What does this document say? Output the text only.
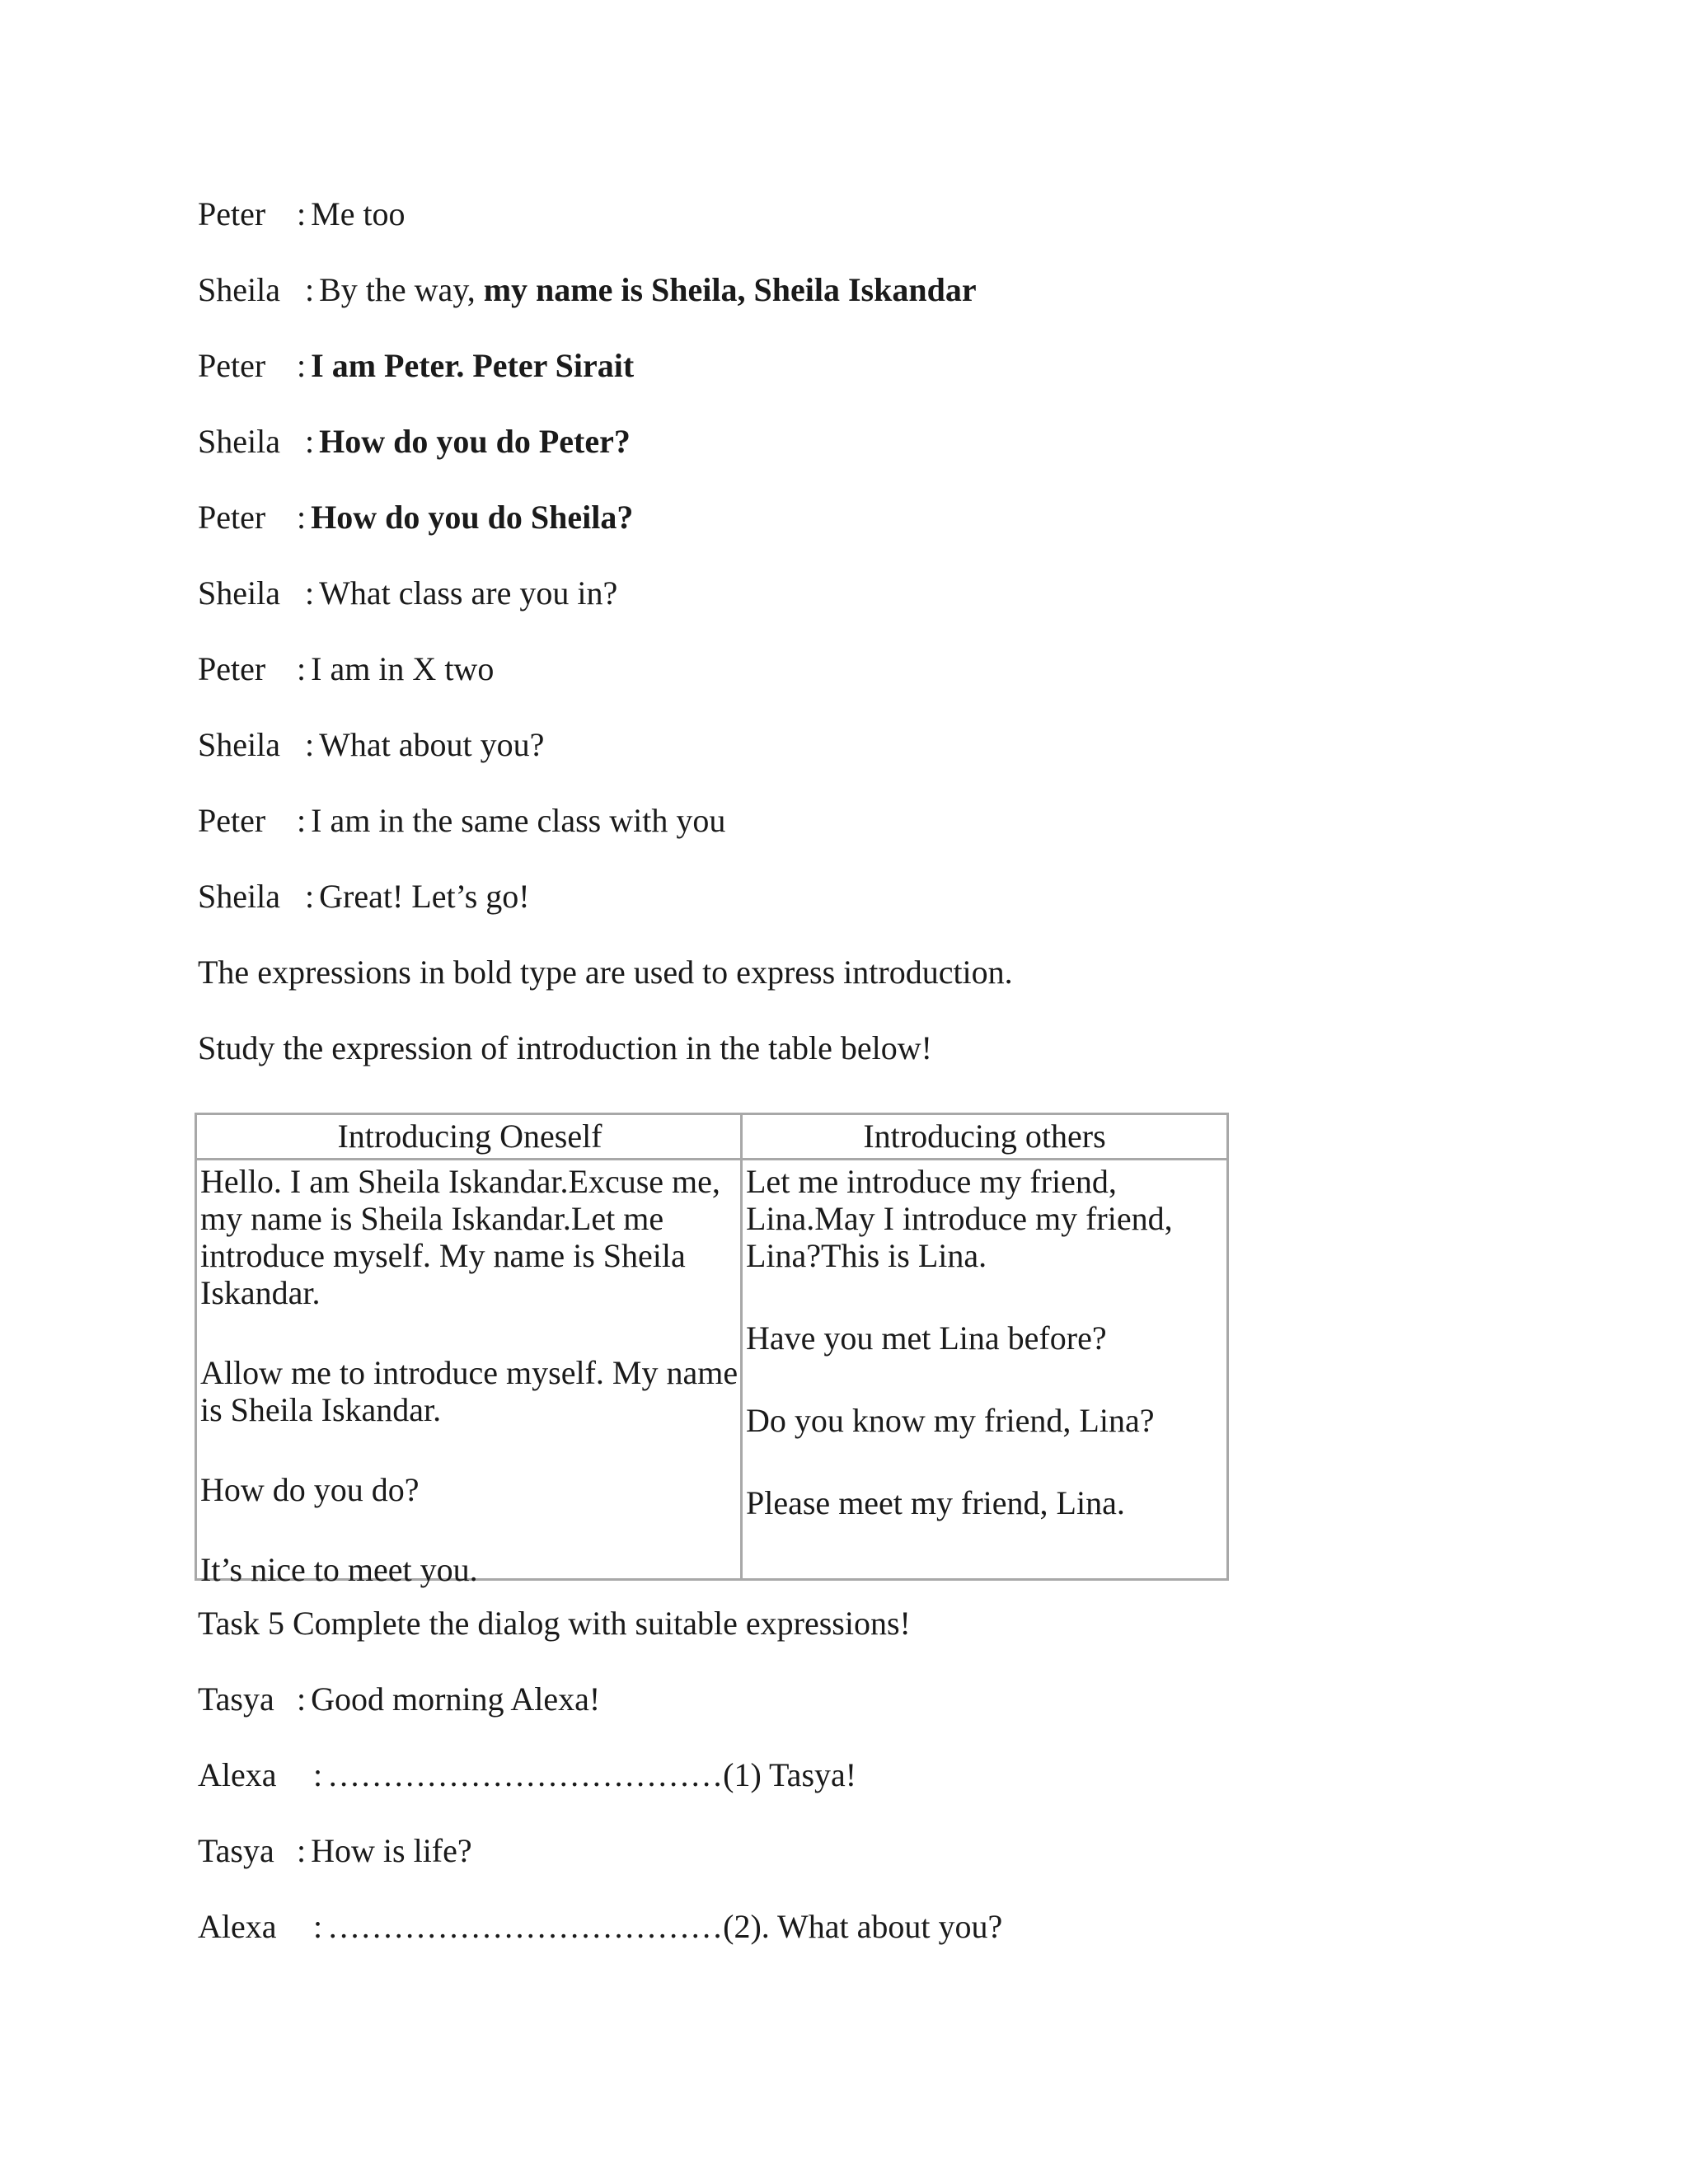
Peter : Me too
Sheila : By the way, my name is Sheila, Sheila Iskandar
Peter : I am Peter. Peter Sirait
Sheila : How do you do Peter?
Peter : How do you do Sheila?
Sheila : What class are you in?
Peter : I am in X two
Sheila : What about you?
Peter : I am in the same class with you
Sheila : Great! Let’s go!
The expressions in bold type are used to express introduction.
Study the expression of introduction in the table below!
Introducing Oneself	Introducing others

Hello. I am Sheila Iskandar.Excuse me,

my name is Sheila Iskandar.Let me

introduce myself. My name is Sheila

Iskandar.

Allow me to introduce myself. My name

is Sheila Iskandar.

How do you do?

It’s nice to meet you.

Let me introduce my friend,

Lina.May I introduce my friend,

Lina?This is Lina.

Have you met Lina before?

Do you know my friend, Lina?

Please meet my friend, Lina.

Task 5 Complete the dialog with suitable expressions!
Tasya : Good morning Alexa!
Alexa : ………………………………(1) Tasya!
Tasya : How is life?
Alexa : ………………………………(2). What about you?
